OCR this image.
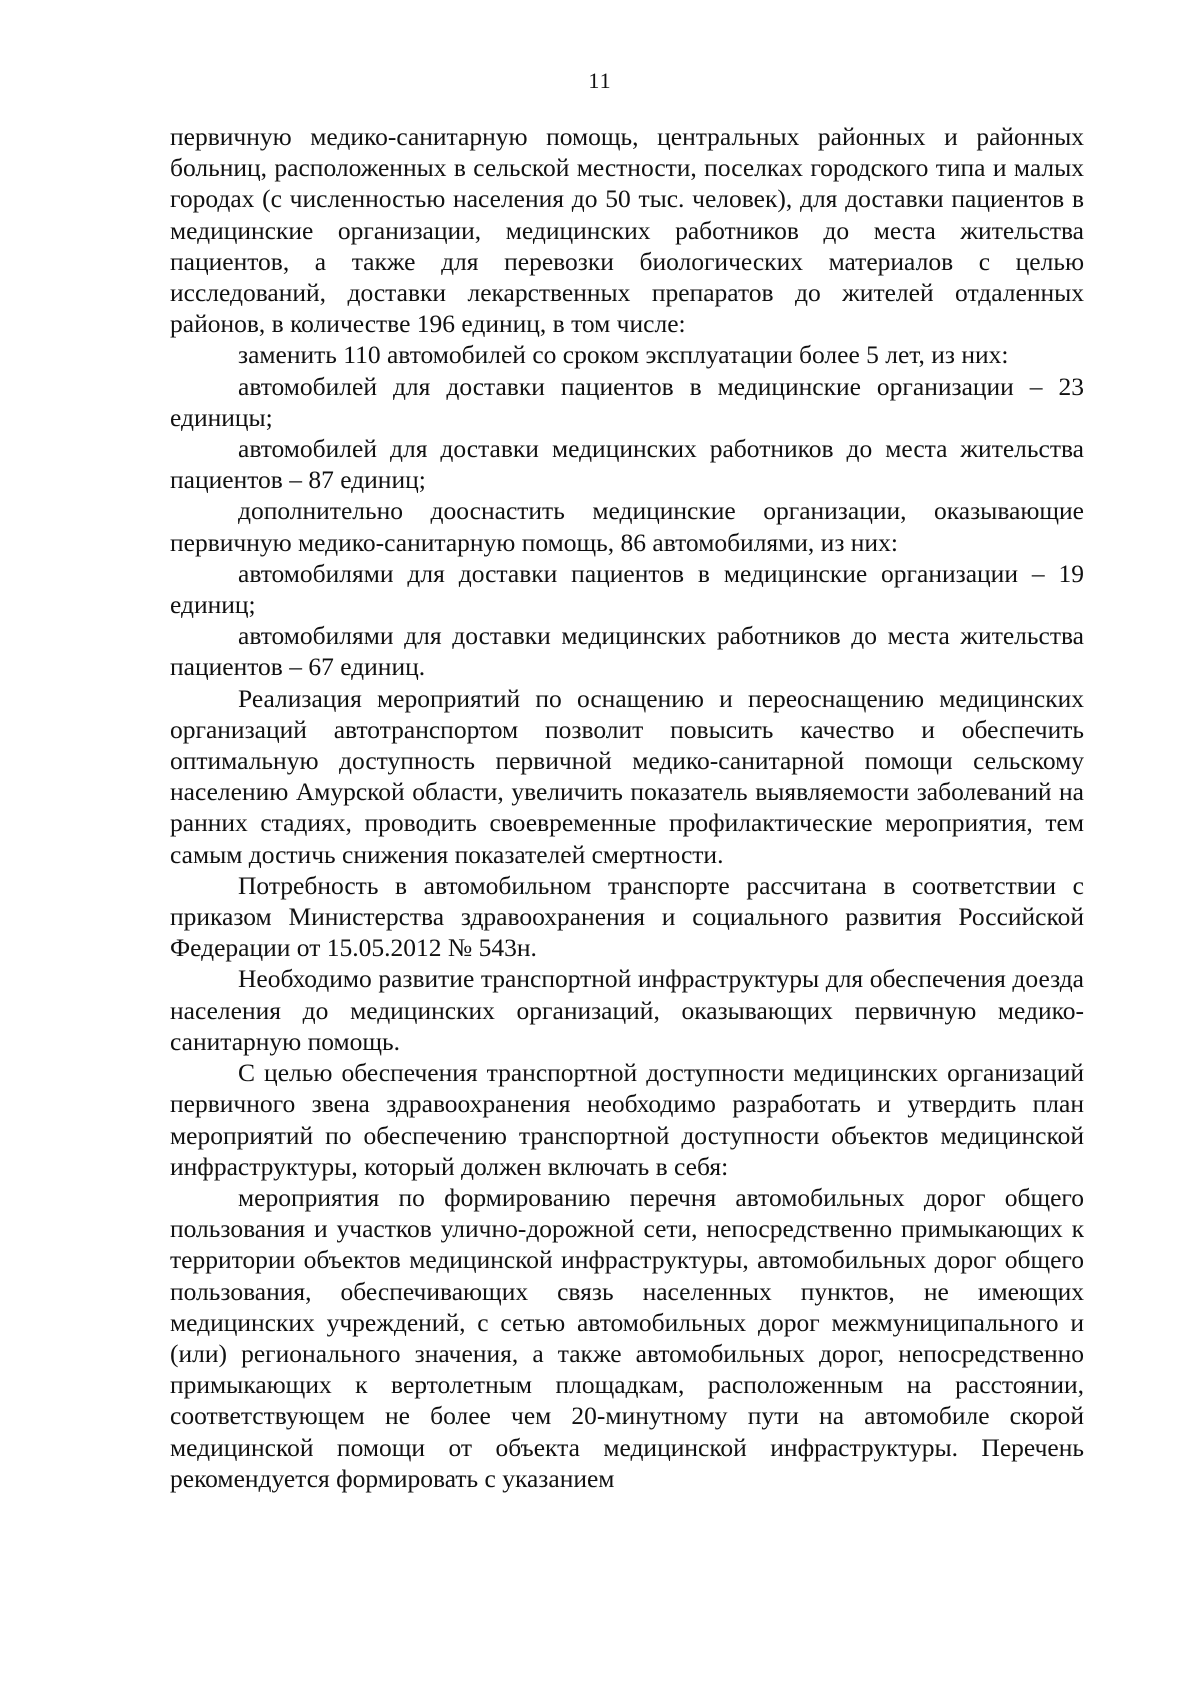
11

первичную медико-санитарную помощь, центральных районных и районных больниц, расположенных в сельской местности, поселках городского типа и малых городах (с численностью населения до 50 тыс. человек), для доставки пациентов в медицинские организации, медицинских работников до места жительства пациентов, а также для перевозки биологических материалов с целью исследований, доставки лекарственных препаратов до жителей отдаленных районов, в количестве 196 единиц, в том числе:

заменить 110 автомобилей со сроком эксплуатации более 5 лет, из них:

автомобилей для доставки пациентов в медицинские организации – 23 единицы;

автомобилей для доставки медицинских работников до места жительства пациентов – 87 единиц;

дополнительно дооснастить медицинские организации, оказывающие первичную медико-санитарную помощь, 86 автомобилями, из них:

автомобилями для доставки пациентов в медицинские организации – 19 единиц;

автомобилями для доставки медицинских работников до места жительства пациентов – 67 единиц.

Реализация мероприятий по оснащению и переоснащению медицинских организаций автотранспортом позволит повысить качество и обеспечить оптимальную доступность первичной медико-санитарной помощи сельскому населению Амурской области, увеличить показатель выявляемости заболеваний на ранних стадиях, проводить своевременные профилактические мероприятия, тем самым достичь снижения показателей смертности.

Потребность в автомобильном транспорте рассчитана в соответствии с приказом Министерства здравоохранения и социального развития Российской Федерации от 15.05.2012 № 543н.

Необходимо развитие транспортной инфраструктуры для обеспечения доезда населения до медицинских организаций, оказывающих первичную медико-санитарную помощь.

С целью обеспечения транспортной доступности медицинских организаций первичного звена здравоохранения необходимо разработать и утвердить план мероприятий по обеспечению транспортной доступности объектов медицинской инфраструктуры, который должен включать в себя:

мероприятия по формированию перечня автомобильных дорог общего пользования и участков улично-дорожной сети, непосредственно примыкающих к территории объектов медицинской инфраструктуры, автомобильных дорог общего пользования, обеспечивающих связь населенных пунктов, не имеющих медицинских учреждений, с сетью автомобильных дорог межмуниципального и (или) регионального значения, а также автомобильных дорог, непосредственно примыкающих к вертолетным площадкам, расположенным на расстоянии, соответствующем не более чем 20-минутному пути на автомобиле скорой медицинской помощи от объекта медицинской инфраструктуры. Перечень рекомендуется формировать с указанием
